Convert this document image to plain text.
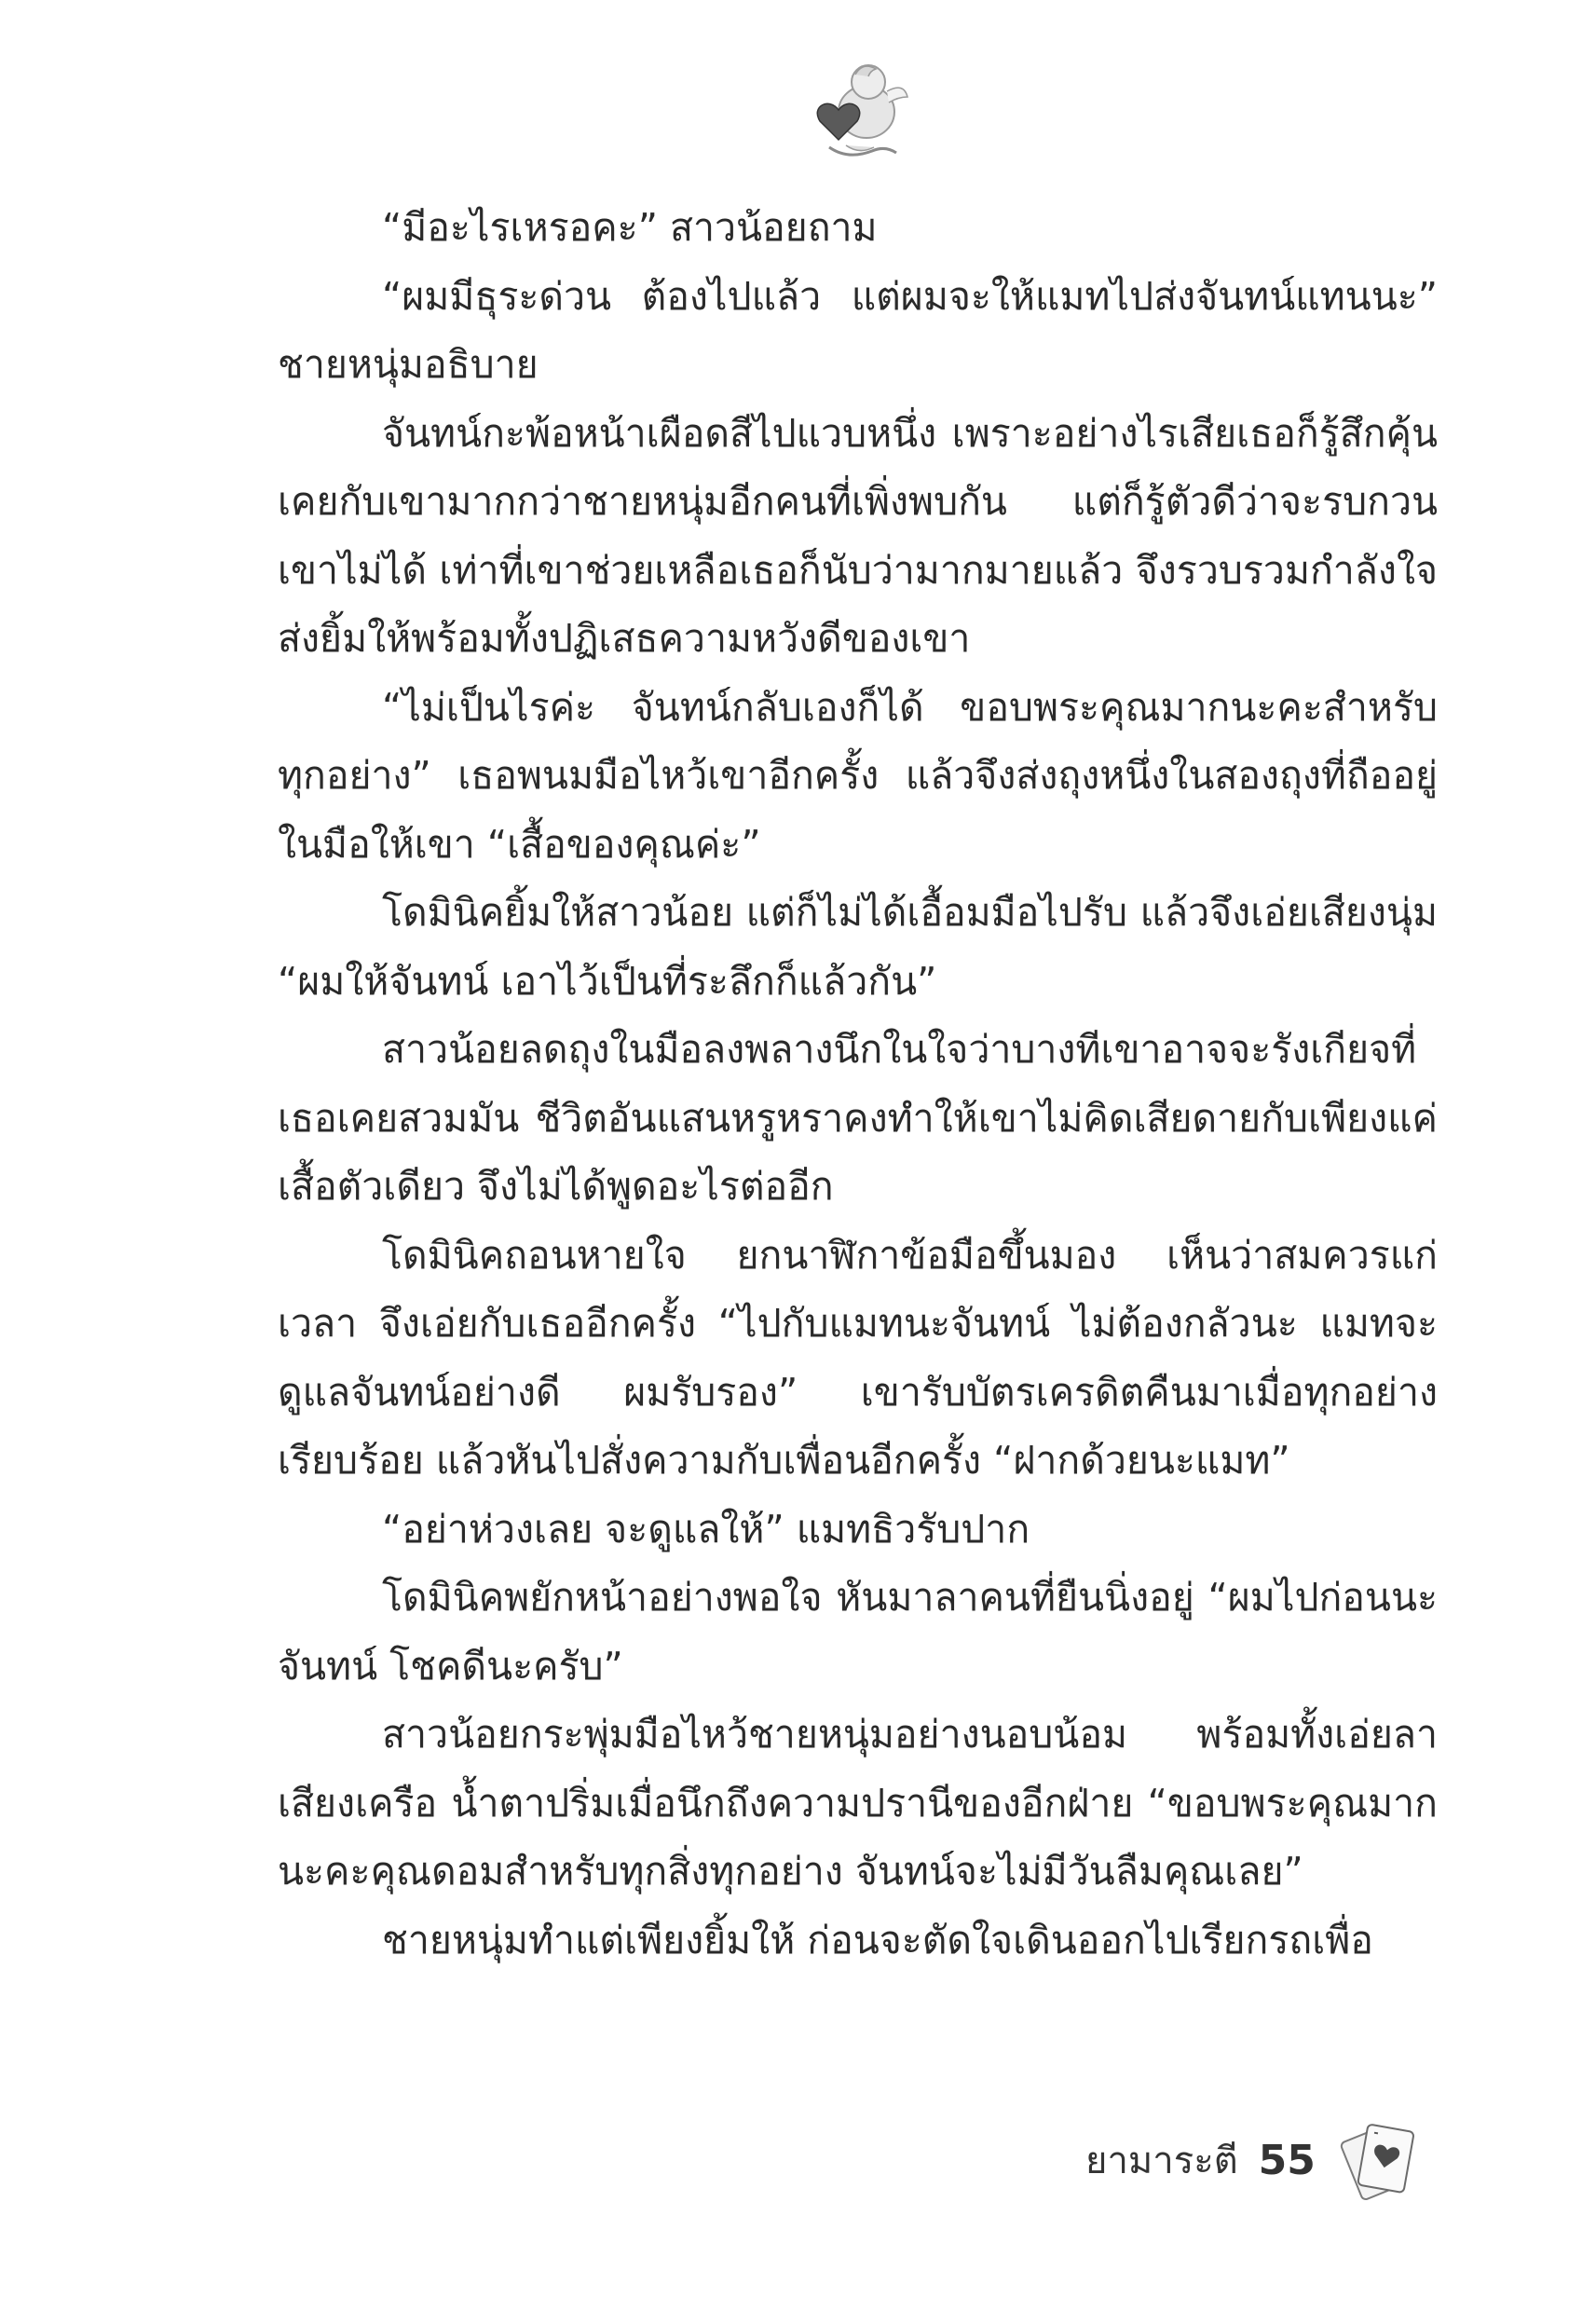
“มีอะไรเหรอคะ” สาวน้อยถาม

“ผมมีธุระด่วน ต้องไปแล้ว แต่ผมจะให้แมทไปส่งจันทน์แทนนะ” ชายหนุ่มอธิบาย

จันทน์กะพ้อหน้าเผือดสีไปแวบหนึ่ง เพราะอย่างไรเสียเธอก็รู้สึกคุ้นเคยกับเขามากกว่าชายหนุ่มอีกคนที่เพิ่งพบกัน แต่ก็รู้ตัวดีว่าจะรบกวนเขาไม่ได้ เท่าที่เขาช่วยเหลือเธอก็นับว่ามากมายแล้ว จึงรวบรวมกำลังใจส่งยิ้มให้พร้อมทั้งปฏิเสธความหวังดีของเขา

“ไม่เป็นไรค่ะ จันทน์กลับเองก็ได้ ขอบพระคุณมากนะคะสำหรับทุกอย่าง” เธอพนมมือไหว้เขาอีกครั้ง แล้วจึงส่งถุงหนึ่งในสองถุงที่ถืออยู่ในมือให้เขา “เสื้อของคุณค่ะ”

โดมินิคยิ้มให้สาวน้อย แต่ก็ไม่ได้เอื้อมมือไปรับ แล้วจึงเอ่ยเสียงนุ่ม “ผมให้จันทน์ เอาไว้เป็นที่ระลึกก็แล้วกัน”

สาวน้อยลดถุงในมือลงพลางนึกในใจว่าบางทีเขาอาจจะรังเกียจที่เธอเคยสวมมัน ชีวิตอันแสนหรูหราคงทำให้เขาไม่คิดเสียดายกับเพียงแค่เสื้อตัวเดียว จึงไม่ได้พูดอะไรต่ออีก

โดมินิคถอนหายใจ ยกนาฬิกาข้อมือขึ้นมอง เห็นว่าสมควรแก่เวลา จึงเอ่ยกับเธออีกครั้ง “ไปกับแมทนะจันทน์ ไม่ต้องกลัวนะ แมทจะดูแลจันทน์อย่างดี ผมรับรอง” เขารับบัตรเครดิตคืนมาเมื่อทุกอย่างเรียบร้อย แล้วหันไปสั่งความกับเพื่อนอีกครั้ง “ฝากด้วยนะแมท”

“อย่าห่วงเลย จะดูแลให้” แมทธิวรับปาก

โดมินิคพยักหน้าอย่างพอใจ หันมาลาคนที่ยืนนิ่งอยู่ “ผมไปก่อนนะจันทน์ โชคดีนะครับ”

สาวน้อยกระพุ่มมือไหว้ชายหนุ่มอย่างนอบน้อม พร้อมทั้งเอ่ยลาเสียงเครือ น้ำตาปริ่มเมื่อนึกถึงความปรานีของอีกฝ่าย “ขอบพระคุณมากนะคะคุณดอมสำหรับทุกสิ่งทุกอย่าง จันทน์จะไม่มีวันลืมคุณเลย”

ชายหนุ่มทำแต่เพียงยิ้มให้ ก่อนจะตัดใจเดินออกไปเรียกรถเพื่อ

ยามาระตี 55
